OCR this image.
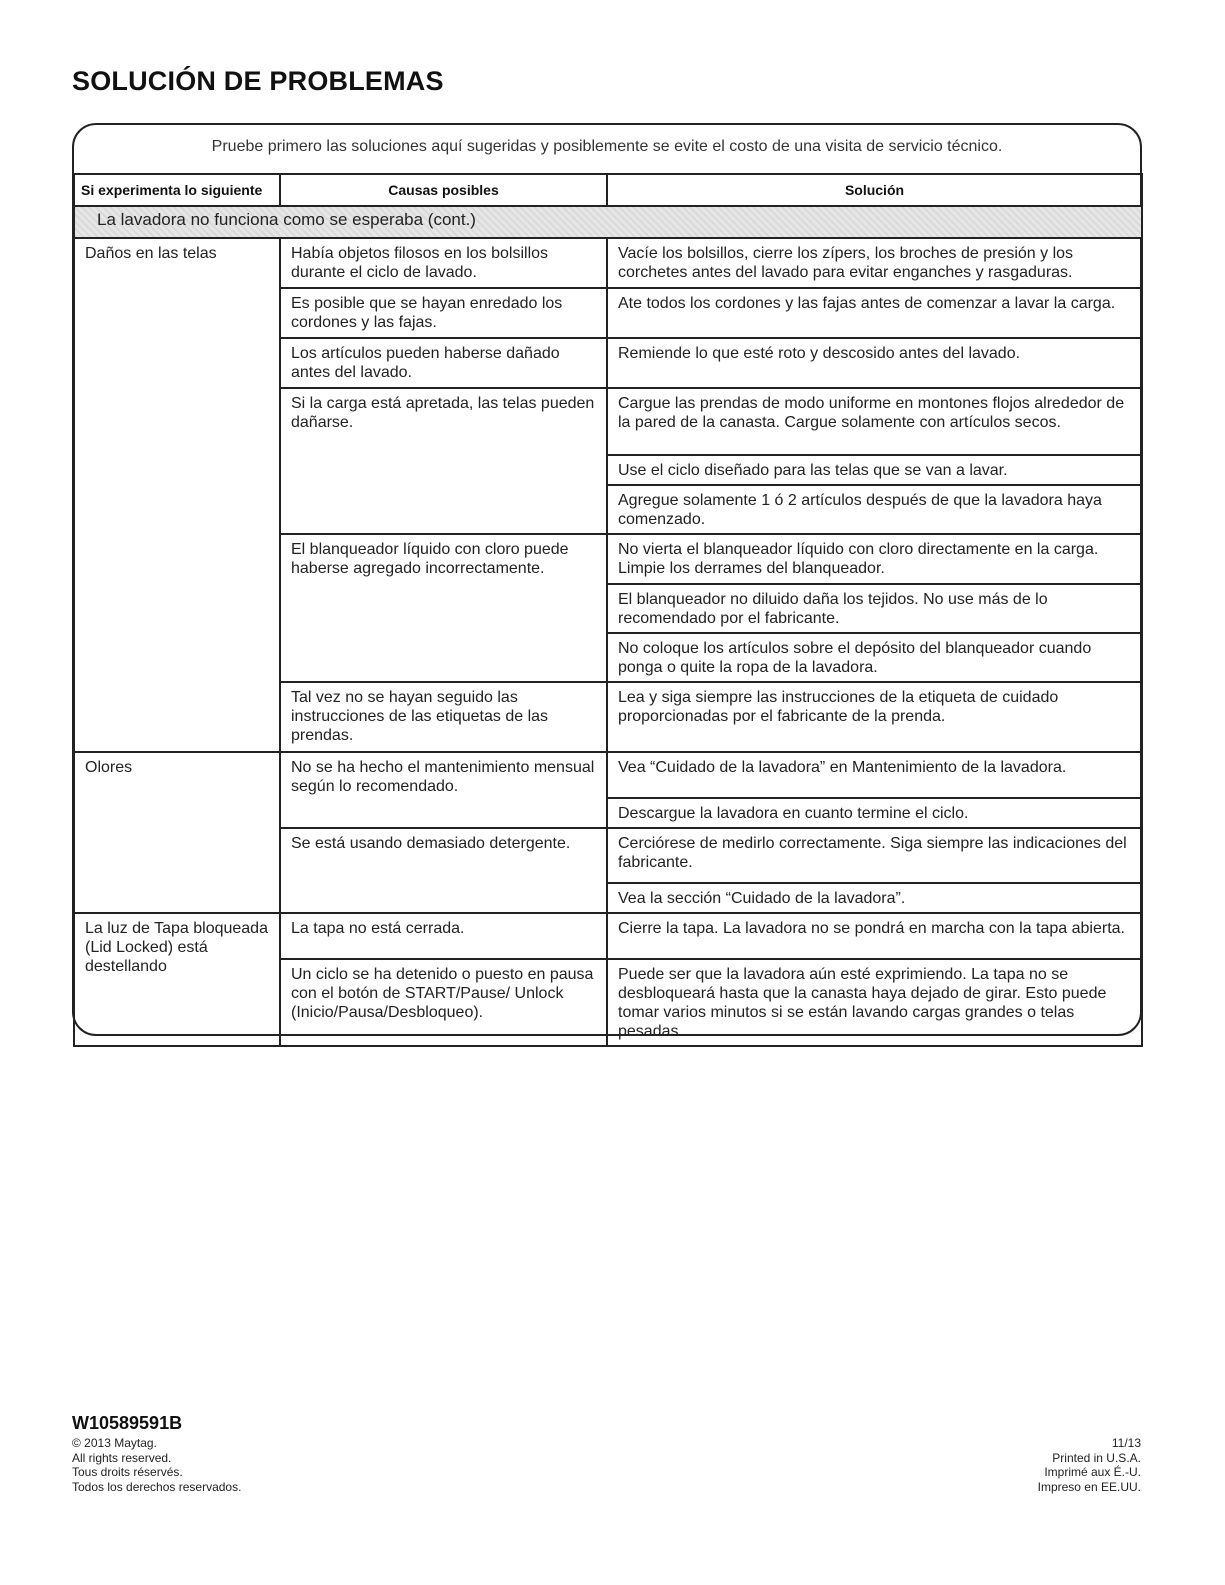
SOLUCIÓN DE PROBLEMAS
Pruebe primero las soluciones aquí sugeridas y posiblemente se evite el costo de una visita de servicio técnico.
Si experimenta lo siguiente	Causas posibles	Solución
La lavadora no funciona como se esperaba (cont.)		
Daños en las telas	Había objetos filosos en los bolsillos durante el ciclo de lavado.	Vacíe los bolsillos, cierre los zípers, los broches de presión y los corchetes antes del lavado para evitar enganches y rasgaduras.
	Es posible que se hayan enredado los cordones y las fajas.	Ate todos los cordones y las fajas antes de comenzar a lavar la carga.
	Los artículos pueden haberse dañado antes del lavado.	Remiende lo que esté roto y descosido antes del lavado.
	Si la carga está apretada, las telas pueden dañarse.	Cargue las prendas de modo uniforme en montones flojos alrededor de la pared de la canasta. Cargue solamente con artículos secos.
		Use el ciclo diseñado para las telas que se van a lavar.
		Agregue solamente 1 ó 2 artículos después de que la lavadora haya comenzado.
	El blanqueador líquido con cloro puede haberse agregado incorrectamente.	No vierta el blanqueador líquido con cloro directamente en la carga. Limpie los derrames del blanqueador.
		El blanqueador no diluido daña los tejidos. No use más de lo recomendado por el fabricante.
		No coloque los artículos sobre el depósito del blanqueador cuando ponga o quite la ropa de la lavadora.
	Tal vez no se hayan seguido las instrucciones de las etiquetas de las prendas.	Lea y siga siempre las instrucciones de la etiqueta de cuidado proporcionadas por el fabricante de la prenda.
Olores	No se ha hecho el mantenimiento mensual según lo recomendado.	Vea “Cuidado de la lavadora” en Mantenimiento de la lavadora.
		Descargue la lavadora en cuanto termine el ciclo.
	Se está usando demasiado detergente.	Cerciórese de medirlo correctamente. Siga siempre las indicaciones del fabricante.
		Vea la sección “Cuidado de la lavadora”.
La luz de Tapa bloqueada (Lid Locked) está destellando	La tapa no está cerrada.	Cierre la tapa. La lavadora no se pondrá en marcha con la tapa abierta.
	Un ciclo se ha detenido o puesto en pausa con el botón de START/Pause/ Unlock (Inicio/Pausa/Desbloqueo).	Puede ser que la lavadora aún esté exprimiendo. La tapa no se desbloqueará hasta que la canasta haya dejado de girar. Esto puede tomar varios minutos si se están lavando cargas grandes o telas pesadas.
W10589591B
© 2013 Maytag.
All rights reserved.
Tous droits réservés.
Todos los derechos reservados.
11/13
Printed in U.S.A.
Imprimé aux É.-U.
Impreso en EE.UU.
